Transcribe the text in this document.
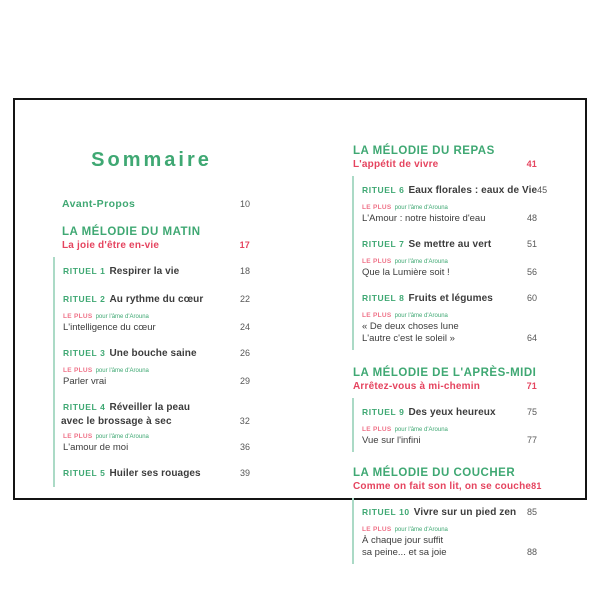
Sommaire
Avant-Propos	10
LA MÉLODIE DU MATIN
La joie d'être en-vie	17
RITUEL 1 Respirer la vie	18
RITUEL 2 Au rythme du cœur	22
LE PLUS pour l'âme d'Arouna
L'intelligence du cœur	24
RITUEL 3 Une bouche saine	26
LE PLUS pour l'âme d'Arouna
Parler vrai	29
RITUEL 4 Réveiller la peau
avec le brossage à sec	32
LE PLUS pour l'âme d'Arouna
L'amour de moi	36
RITUEL 5 Huiler ses rouages	39
LA MÉLODIE DU REPAS
L'appétit de vivre	41
RITUEL 6 Eaux florales : eaux de Vie 45
LE PLUS pour l'âme d'Arouna
L'Amour : notre histoire d'eau	48
RITUEL 7 Se mettre au vert	51
LE PLUS pour l'âme d'Arouna
Que la Lumière soit !	56
RITUEL 8 Fruits et légumes	60
LE PLUS pour l'âme d'Arouna
« De deux choses lune
L'autre c'est le soleil »	64
LA MÉLODIE DE L'APRÈS-MIDI
Arrêtez-vous à mi-chemin	71
RITUEL 9 Des yeux heureux	75
LE PLUS pour l'âme d'Arouna
Vue sur l'infini	77
LA MÉLODIE DU COUCHER
Comme on fait son lit, on se couche 81
RITUEL 10 Vivre sur un pied zen 85
LE PLUS pour l'âme d'Arouna
À chaque jour suffit
sa peine... et sa joie	88
